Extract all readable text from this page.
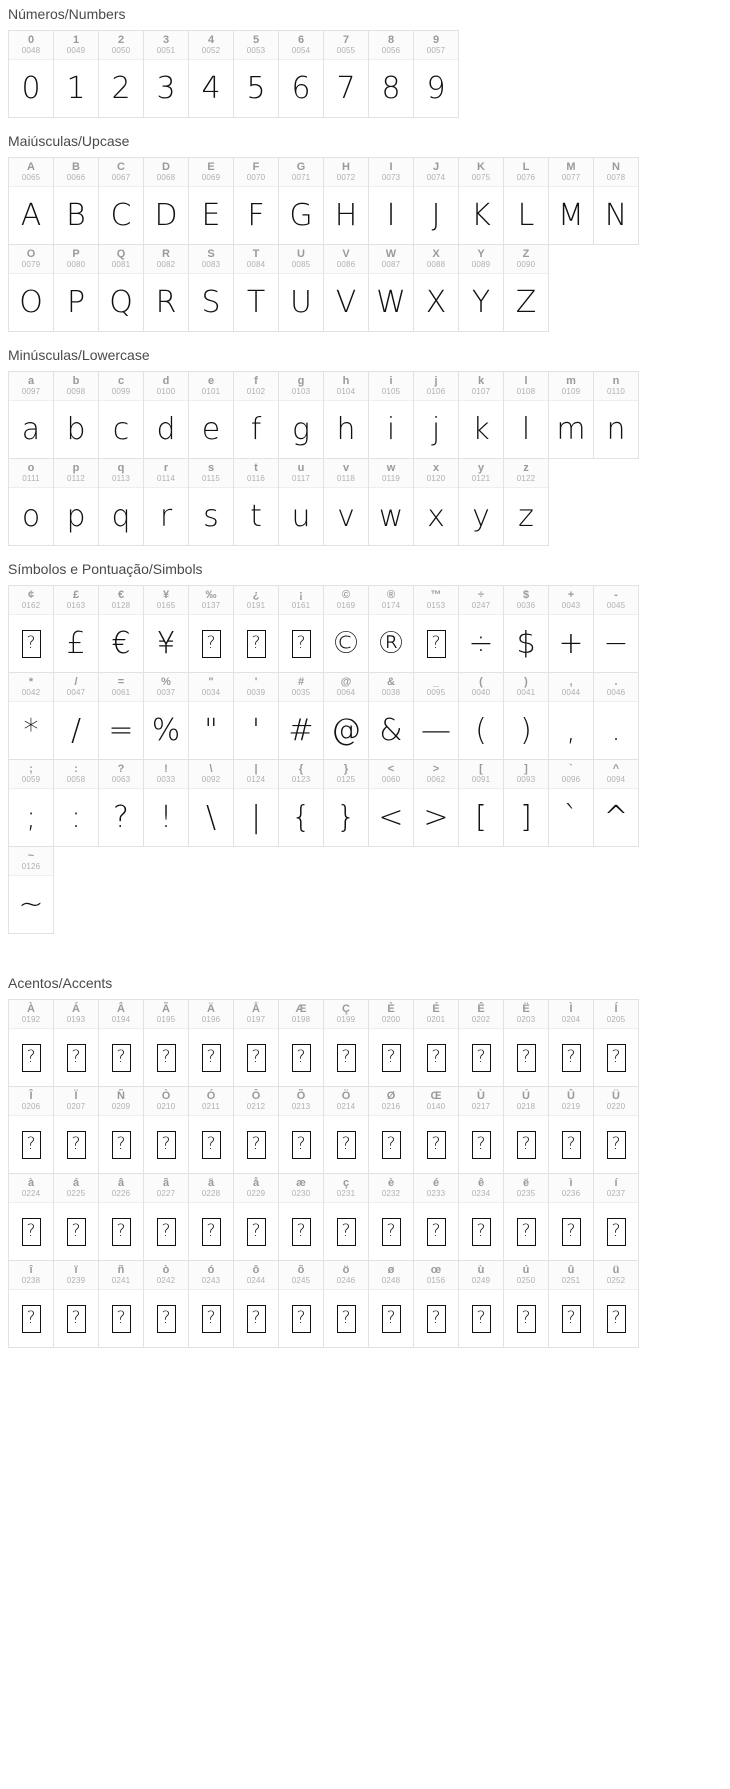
Números/Numbers
0
0048
0
1
0049
1
2
0050
2
3
0051
3
4
0052
4
5
0053
5
6
0054
6
7
0055
7
8
0056
8
9
0057
9
Maiúsculas/Upcase
A
0065
A
B
0066
B
C
0067
C
D
0068
D
E
0069
E
F
0070
F
G
0071
G
H
0072
H
I
0073
I
J
0074
J
K
0075
K
L
0076
L
M
0077
M
N
0078
N
O
0079
O
P
0080
P
Q
0081
Q
R
0082
R
S
0083
S
T
0084
T
U
0085
U
V
0086
V
W
0087
W
X
0088
X
Y
0089
Y
Z
0090
Z
Minúsculas/Lowercase
a
0097
a
b
0098
b
c
0099
c
d
0100
d
e
0101
e
f
0102
f
g
0103
g
h
0104
h
i
0105
i
j
0106
j
k
0107
k
l
0108
l
m
0109
m
n
0110
n
o
0111
o
p
0112
p
q
0113
q
r
0114
r
s
0115
s
t
0116
t
u
0117
u
v
0118
v
w
0119
w
x
0120
x
y
0121
y
z
0122
z
Símbolos e Pontuação/Simbols
¢
0162
?
£
0163
£
€
0128
€
¥
0165
¥
‰
0137
?
¿
0191
?
¡
0161
?
©
0169
©
®
0174
®
™
0153
?
÷
0247
÷
$
0036
$
+
0043
+
-
0045
−
*
0042
*
/
0047
/
=
0061
=
%
0037
%
"
0034
"
'
0039
'
#
0035
#
@
0064
@
&
0038
&
_
0095
—
(
0040
(
)
0041
)
,
0044
,
.
0046
.
;
0059
;
:
0058
:
?
0063
?
!
0033
!
\
0092
\
|
0124
|
{
0123
{
}
0125
}
<
0060
<
>
0062
>
[
0091
[
]
0093
]
`
0096
`
^
0094
^
~
0126
~
Acentos/Accents
À
0192
?
Á
0193
?
Â
0194
?
Ã
0195
?
Ä
0196
?
Å
0197
?
Æ
0198
?
Ç
0199
?
È
0200
?
É
0201
?
Ê
0202
?
Ë
0203
?
Ì
0204
?
Í
0205
?
Î
0206
?
Ï
0207
?
Ñ
0209
?
Ò
0210
?
Ó
0211
?
Ô
0212
?
Õ
0213
?
Ö
0214
?
Ø
0216
?
Œ
0140
?
Ù
0217
?
Ú
0218
?
Û
0219
?
Ü
0220
?
à
0224
?
á
0225
?
â
0226
?
ã
0227
?
ä
0228
?
å
0229
?
æ
0230
?
ç
0231
?
è
0232
?
é
0233
?
ê
0234
?
ë
0235
?
ì
0236
?
í
0237
?
î
0238
?
ï
0239
?
ñ
0241
?
ò
0242
?
ó
0243
?
ô
0244
?
õ
0245
?
ö
0246
?
ø
0248
?
œ
0156
?
ù
0249
?
ú
0250
?
û
0251
?
ü
0252
?
